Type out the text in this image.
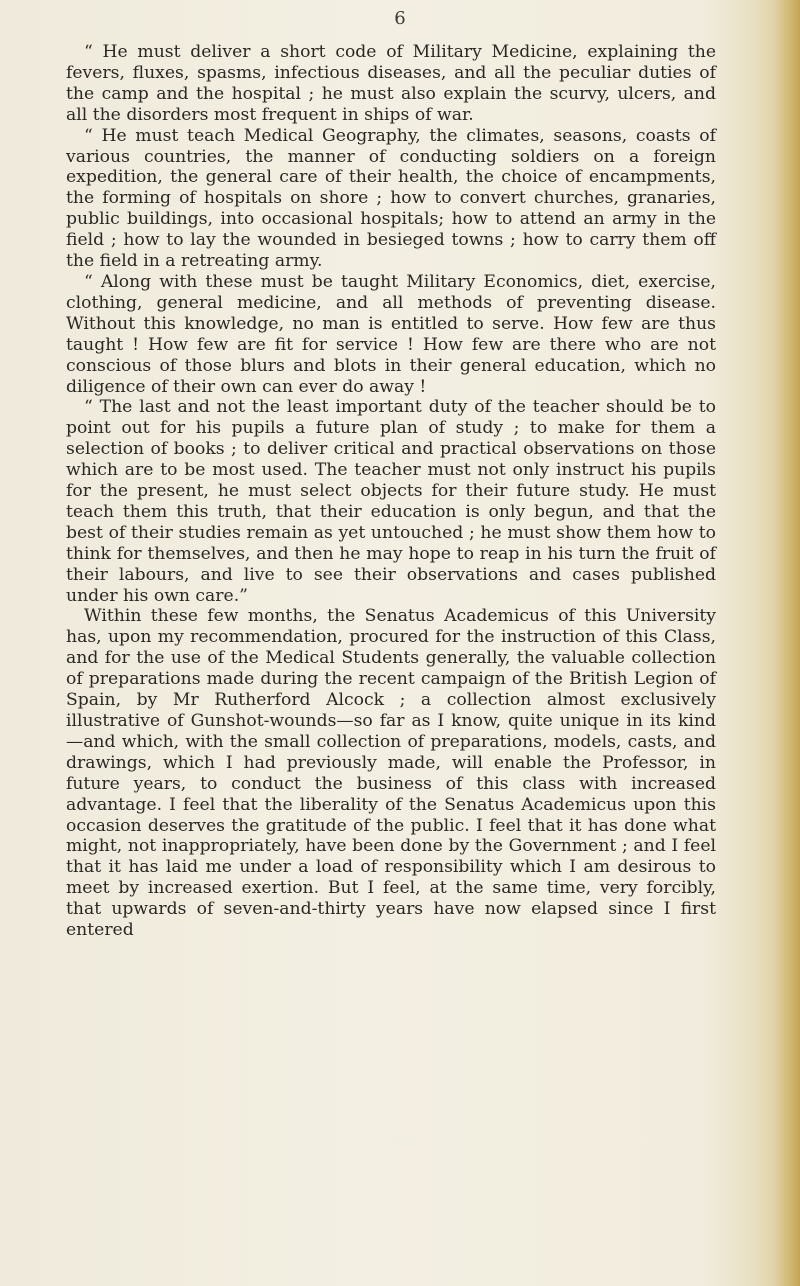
6

“ He must deliver a short code of Military Medicine, explaining the fevers, fluxes, spasms, infectious diseases, and all the peculiar duties of the camp and the hospital ; he must also explain the scurvy, ulcers, and all the disorders most frequent in ships of war.

“ He must teach Medical Geography, the climates, seasons, coasts of various countries, the manner of conducting soldiers on a foreign expedition, the general care of their health, the choice of encampments, the forming of hospitals on shore ; how to convert churches, granaries, public buildings, into occasional hospitals; how to attend an army in the field ; how to lay the wounded in besieged towns ; how to carry them off the field in a retreating army.

“ Along with these must be taught Military Economics, diet, exercise, clothing, general medicine, and all methods of preventing disease. Without this knowledge, no man is entitled to serve. How few are thus taught ! How few are fit for service ! How few are there who are not conscious of those blurs and blots in their general education, which no diligence of their own can ever do away !

“ The last and not the least important duty of the teacher should be to point out for his pupils a future plan of study ; to make for them a selection of books ; to deliver critical and practical observations on those which are to be most used. The teacher must not only instruct his pupils for the present, he must select objects for their future study. He must teach them this truth, that their education is only begun, and that the best of their studies remain as yet untouched ; he must show them how to think for themselves, and then he may hope to reap in his turn the fruit of their labours, and live to see their observations and cases published under his own care.”

Within these few months, the Senatus Academicus of this University has, upon my recommendation, procured for the instruction of this Class, and for the use of the Medical Students generally, the valuable collection of preparations made during the recent campaign of the British Legion of Spain, by Mr Rutherford Alcock ; a collection almost exclusively illustrative of Gunshot-wounds—so far as I know, quite unique in its kind—and which, with the small collection of preparations, models, casts, and drawings, which I had previously made, will enable the Professor, in future years, to conduct the business of this class with increased advantage. I feel that the liberality of the Senatus Academicus upon this occasion deserves the gratitude of the public. I feel that it has done what might, not inappropriately, have been done by the Government ; and I feel that it has laid me under a load of responsibility which I am desirous to meet by increased exertion. But I feel, at the same time, very forcibly, that upwards of seven-and-thirty years have now elapsed since I first entered
